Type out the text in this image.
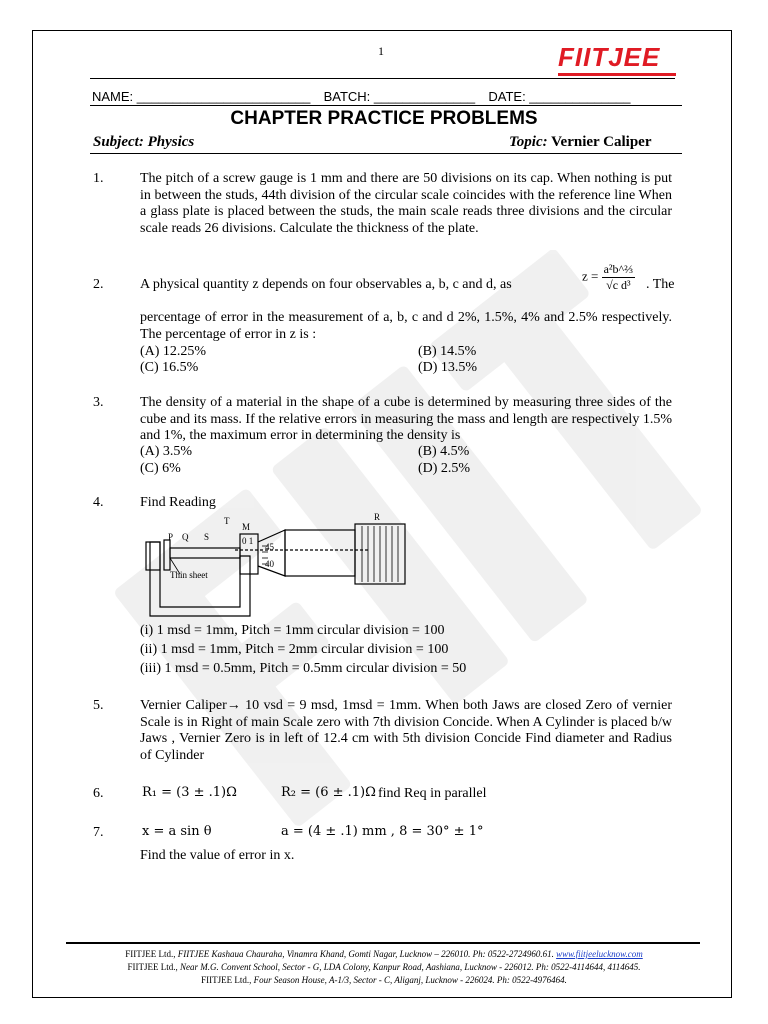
1	FIITJEE
NAME: ________________________ BATCH: ______________ DATE: ______________
CHAPTER PRACTICE PROBLEMS
Subject: Physics	Topic: Vernier Caliper
1.	The pitch of a screw gauge is 1 mm and there are 50 divisions on its cap. When nothing is put in between the studs, 44th division of the circular scale coincides with the reference line When a glass plate is placed between the studs, the main scale reads three divisions and the circular scale reads 26 divisions. Calculate the thickness of the plate.
2.	A physical quantity z depends on four observables a, b, c and d, as
$z = \frac{\text{a²b\textasciicircum{}⅔}}{\text{√c d³}}$ . The
percentage of error in the measurement of a, b, c and d 2%, 1.5%, 4% and 2.5% respectively. The percentage of error in z is :
(A) 12.25%	(B) 14.5%
(C) 16.5%	(D) 13.5%
3.	The density of a material in the shape of a cube is determined by measuring three sides of the cube and its mass. If the relative errors in measuring the mass and length are respectively 1.5% and 1%, the maximum error in determining the density is
(A) 3.5%	(B) 4.5%
(C) 6%	(D) 2.5%
4.	Find Reading
T
M
R
P Q S	0 1
45
40
Thin sheet
(i) 1 msd = 1mm, Pitch = 1mm circular division = 100
(ii) 1 msd = 1mm, Pitch = 2mm circular division = 100
(iii) 1 msd = 0.5mm, Pitch = 0.5mm circular division = 50
5.	Vernier Caliper→ 10 vsd = 9 msd, 1msd = 1mm. When both Jaws are closed Zero of vernier Scale is in Right of main Scale zero with 7th division Concide. When A Cylinder is placed b/w Jaws , Vernier Zero is in left of 12.4 cm with 5th division Concide Find diameter and Radius of Cylinder
6.	R₁ = (3 ± .1)Ω	R₂ = (6 ± .1)Ω find Req in parallel
7.	x = a sin θ	a = (4 ± .1) mm , 8 = 30° ± 1°
Find the value of error in x.
FIITJEE Ltd., FIITJEE Kashaua Chauraha, Vinamra Khand, Gomti Nagar, Lucknow – 226010. Ph: 0522-2724960.61. www.fiitjeelucknow.com
FIITJEE Ltd., Near M.G. Convent School, Sector - G, LDA Colony, Kanpur Road, Aashiana, Lucknow - 226012. Ph: 0522-4114644, 4114645.
FIITJEE Ltd., Four Season House, A-1/3, Sector - C, Aliganj, Lucknow - 226024. Ph: 0522-4976464.
